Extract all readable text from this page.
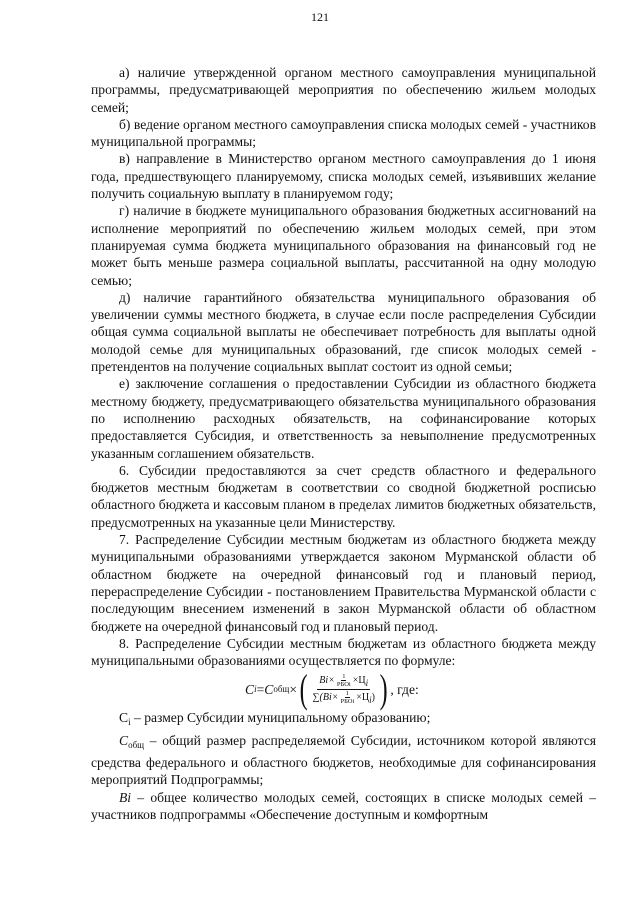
121

а) наличие утвержденной органом местного самоуправления муниципальной программы, предусматривающей мероприятия по обеспечению жильем молодых семей;

б) ведение органом местного самоуправления списка молодых семей - участников муниципальной программы;

в) направление в Министерство органом местного самоуправления до 1 июня года, предшествующего планируемому, списка молодых семей, изъявивших желание получить социальную выплату в планируемом году;

г) наличие в бюджете муниципального образования бюджетных ассигнований на исполнение мероприятий по обеспечению жильем молодых семей, при этом планируемая сумма бюджета муниципального образования на финансовый год не может быть меньше размера социальной выплаты, рассчитанной на одну молодую семью;

д) наличие гарантийного обязательства муниципального образования об увеличении суммы местного бюджета, в случае если после распределения Субсидии общая сумма социальной выплаты не обеспечивает потребность для выплаты одной молодой семье для муниципальных образований, где список молодых семей - претендентов на получение социальных выплат состоит из одной семьи;

е) заключение соглашения о предоставлении Субсидии из областного бюджета местному бюджету, предусматривающего обязательства муниципального образования по исполнению расходных обязательств, на софинансирование которых предоставляется Субсидия, и ответственность за невыполнение предусмотренных указанным соглашением обязательств.

6. Субсидии предоставляются за счет средств областного и федерального бюджетов местным бюджетам в соответствии со сводной бюджетной росписью областного бюджета и кассовым планом в пределах лимитов бюджетных обязательств, предусмотренных на указанные цели Министерству.

7. Распределение Субсидии местным бюджетам из областного бюджета между муниципальными образованиями утверждается законом Мурманской области об областном бюджете на очередной финансовый год и плановый период, перераспределение Субсидии - постановлением Правительства Мурманской области с последующим внесением изменений в закон Мурманской области об областном бюджете на очередной финансовый год и плановый период.

8. Распределение Субсидии местным бюджетам из областного бюджета между муниципальными образованиями осуществляется по формуле:

C i = C общ × ( $\frac{Bi\times \frac{1}{\text{РБОi}} \times Цi}{\sum(Bi\times \frac{1}{\text{РБОi}} \times Цi)}$ ) , где:

$С_i$ – размер Субсидии муниципальному образованию;

$C_{общ}$ – общий размер распределяемой Субсидии, источником которой являются средства федерального и областного бюджетов, необходимые для софинансирования мероприятий Подпрограммы;

Bi – общее количество молодых семей, состоящих в списке молодых семей – участников подпрограммы «Обеспечение доступным и комфортным
